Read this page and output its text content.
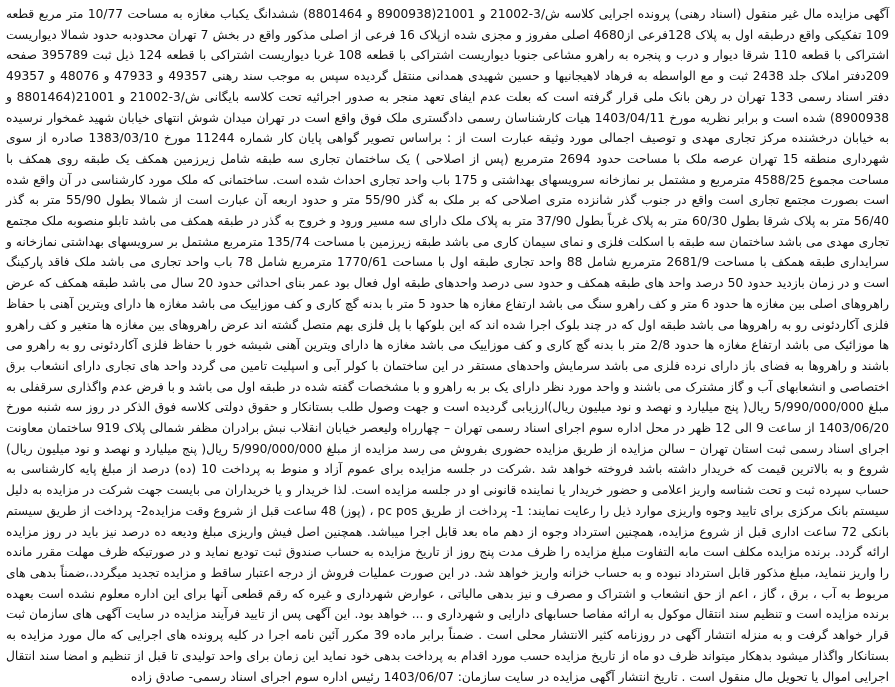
آگهی مزایده مال غیر منقول (اسناد رهنی) پرونده اجرایی کلاسه ش/3-21002 و 21001(8900938 و 8801464) ششدانگ یکباب مغازه به مساحت 10/77 متر مربع قطعه 109 تفکیکی واقع درطبقه اول به پلاک 128فرعی از4680 اصلی مفروز و مجزی شده ازپلاک 16 فرعی از اصلی مذکور واقع در بخش 7 تهران محدودبه حدود شمالا دیواریست اشتراکی با قطعه 110 شرقا دیوار و درب و پنجره به راهرو مشاعی جنوبا دیواریست اشتراکی با قطعه 108 غربا دیواریست اشتراکی با قطعه 124 ذیل ثبت 395789 صفحه 209دفتر املاک جلد 2438 ثبت و مع الواسطه به فرهاد لاهیجانیها و حسین شهیدی همدانی منتقل گردیده سپس به موجب سند رهنی 49357 و 47933 و 48076 و 49357 دفتر اسناد رسمی 133 تهران در رهن بانک ملی قرار گرفته است که بعلت عدم ایفای تعهد منجر به صدور اجرائیه تحت کلاسه بایگانی ش/3-21002 و 21001(8801464 و 8900938) شده است و برابر نظریه مورخ 1403/04/11 هیات کارشناسان رسمی دادگستری ملک فوق واقع است در تهران میدان شوش انتهای خیابان شهید غمخوار نرسیده به خیابان درخشنده مرکز تجاری مهدی و توصیف اجمالی مورد وثیقه عبارت است از : براساس تصویر گواهی پایان کار شماره 11244 مورخ 1383/03/10 صادره از سوی شهرداری منطقه 15 تهران عرصه ملک با مساحت حدود 2694 مترمربع (پس از اصلاحی ) یک ساختمان تجاری سه طبقه شامل زیرزمین همکف یک طبقه روی همکف با مساحت مجموع 4588/25 مترمربع و مشتمل بر نمازخانه سرویسهای بهداشتی و 175 باب واحد تجاری احداث شده است. ساختمانی که ملک مورد کارشناسی در آن واقع شده است بصورت مجتمع تجاری است واقع در جنوب گذر شانزده متری اصلاحی که بر ملک به گذر 55/90 متر و حدود اربعه آن عبارت است از شمالا بطول 55/90 متر به گذر 56/40 متر به پلاک شرقا بطول 60/30 متر به پلاک غرباً بطول 37/90 متر به پلاک ملک دارای سه مسیر ورود و خروج به گذر در طبقه همکف می باشد تابلو منصوبه ملک مجتمع تجاری مهدی می باشد ساختمان سه طبقه با اسکلت فلزی و نمای سیمان کاری می باشد طبقه زیرزمین با مساحت 135/74 مترمربع مشتمل بر سرویسهای بهداشتی نمازخانه و سرایداری طبقه همکف با مساحت 2681/9 مترمربع شامل 88 واحد تجاری طبقه اول با مساحت 1770/61 مترمربع شامل 78 باب واحد تجاری می باشد ملک فاقد پارکینگ است و در زمان بازدید حدود 50 درصد واحد های طبقه همکف و حدود سی درصد واحدهای طبقه اول فعال بود عمر بنای احداثی حدود 20 سال می باشد طبقه همکف که عرض راهروهای اصلی بین مغازه ها حدود 6 متر و کف راهرو سنگ می باشد ارتفاع مغازه ها حدود 5 متر با بدنه گچ کاری و کف موزاییک می باشد مغازه ها دارای ویترین آهنی با حفاظ فلزی آکاردئونی رو به راهروها می باشد طبقه اول که در چند بلوک اجرا شده اند که این بلوکها با پل فلزی بهم متصل گشته اند عرض راهروهای بین مغازه ها متغیر و کف راهرو ها موزائیک می باشد ارتفاع مغازه ها حدود 2/8 متر با بدنه گچ کاری و کف موزاییک می باشد مغازه ها دارای ویترین آهنی شیشه خور با حفاظ فلزی آکاردئونی رو به راهرو می باشند و راهروها به فضای باز دارای نرده فلزی می باشد سرمایش واحدهای مستقر در این ساختمان با کولر آبی و اسپلیت تامین می گردد واحد های تجاری دارای انشعاب برق اختصاصی و انشعابهای آب و گاز مشترک می باشند و واحد مورد نظر دارای یک بر به راهرو و با مشخصات گفته شده در طبقه اول می باشد و با فرض عدم واگذاری سرقفلی به مبلغ 5/990/000/000 ریال( پنج میلیارد و نهصد و نود میلیون ریال)ارزیابی گردیده است و جهت وصول طلب بستانکار و حقوق دولتی کلاسه فوق الذکر در روز سه شنبه مورخ 1403/06/20 از ساعت 9 الی 12 ظهر در محل اداره سوم اجرای اسناد رسمی تهران – چهارراه ولیعصر خیابان انقلاب نبش برادران مظفر شمالی پلاک 919 ساختمان معاونت اجرای اسناد رسمی ثبت استان تهران – سالن مزایده از طریق مزایده حضوری بفروش می رسد مزایده از مبلغ 5/990/000/000 ریال( پنج میلیارد و نهصد و نود میلیون ریال) شروع و به بالاترین قیمت که خریدار داشته باشد فروخته خواهد شد .شرکت در جلسه مزایده برای عموم آزاد و منوط به پرداخت 10 (ده) درصد از مبلغ پایه کارشناسی به حساب سپرده ثبت و تحت شناسه واریز اعلامی و حضور خریدار یا نماینده قانونی او در جلسه مزایده است. لذا خریدار و یا خریداران می بایست جهت شرکت در مزایده به دلیل سیستم بانک مرکزی برای تایید وجوه واریزی موارد ذیل را رعایت نمایند: 1- پرداخت از طریق pc pos ، (پوز) 48 ساعت قبل از شروع وقت مزایده2- پرداخت از طریق سیستم بانکی 72 ساعت اداری قبل از شروع مزایده، همچنین استرداد وجوه از دهم ماه بعد قابل اجرا میباشد. همچنین اصل فیش واریزی مبلغ ودیعه ده درصد نیز باید در روز مزایده ارائه گردد. برنده مزایده مکلف است مابه التفاوت مبلغ مزایده را ظرف مدت پنج روز از تاریخ مزایده به حساب صندوق ثبت تودیع نماید و در صورتیکه ظرف مهلت مقرر مانده را واریز ننماید، مبلغ مذکور قابل استرداد نبوده و به حساب خزانه واریز خواهد شد. در این صورت عملیات فروش از درجه اعتبار ساقط و مزایده تجدید میگردد.،ضمناً بدهی های مربوط به آب ، برق ، گاز ، اعم از حق انشعاب و اشتراک و مصرف و نیز بدهی مالیاتی ، عوارض شهرداری و غیره که رقم قطعی آنها برای این اداره معلوم نشده است بعهده برنده مزایده است و تنظیم سند انتقال موکول به ارائه مفاصا حسابهای دارایی و شهرداری و ... خواهد بود. این آگهی پس از تایید فرآیند مزایده در سایت آگهی های سازمان ثبت قرار خواهد گرفت و به منزله انتشار آگهی در روزنامه کثیر الانتشار محلی است . ضمناً برابر ماده 39 مکرر آئین نامه اجرا در کلیه پرونده های اجرایی که مال مورد مزایده به بستانکار واگذار میشود بدهکار میتواند ظرف دو ماه از تاریخ مزایده حسب مورد اقدام به پرداخت بدهی خود نماید این زمان برای واحد تولیدی تا قبل از تنظیم و امضا سند انتقال اجرایی اموال یا تحویل مال منقول است . تاریخ انتشار آگهی مزایده در سایت سازمان: 1403/06/07 رئیس اداره سوم اجرای اسناد رسمی- صادق زاده
